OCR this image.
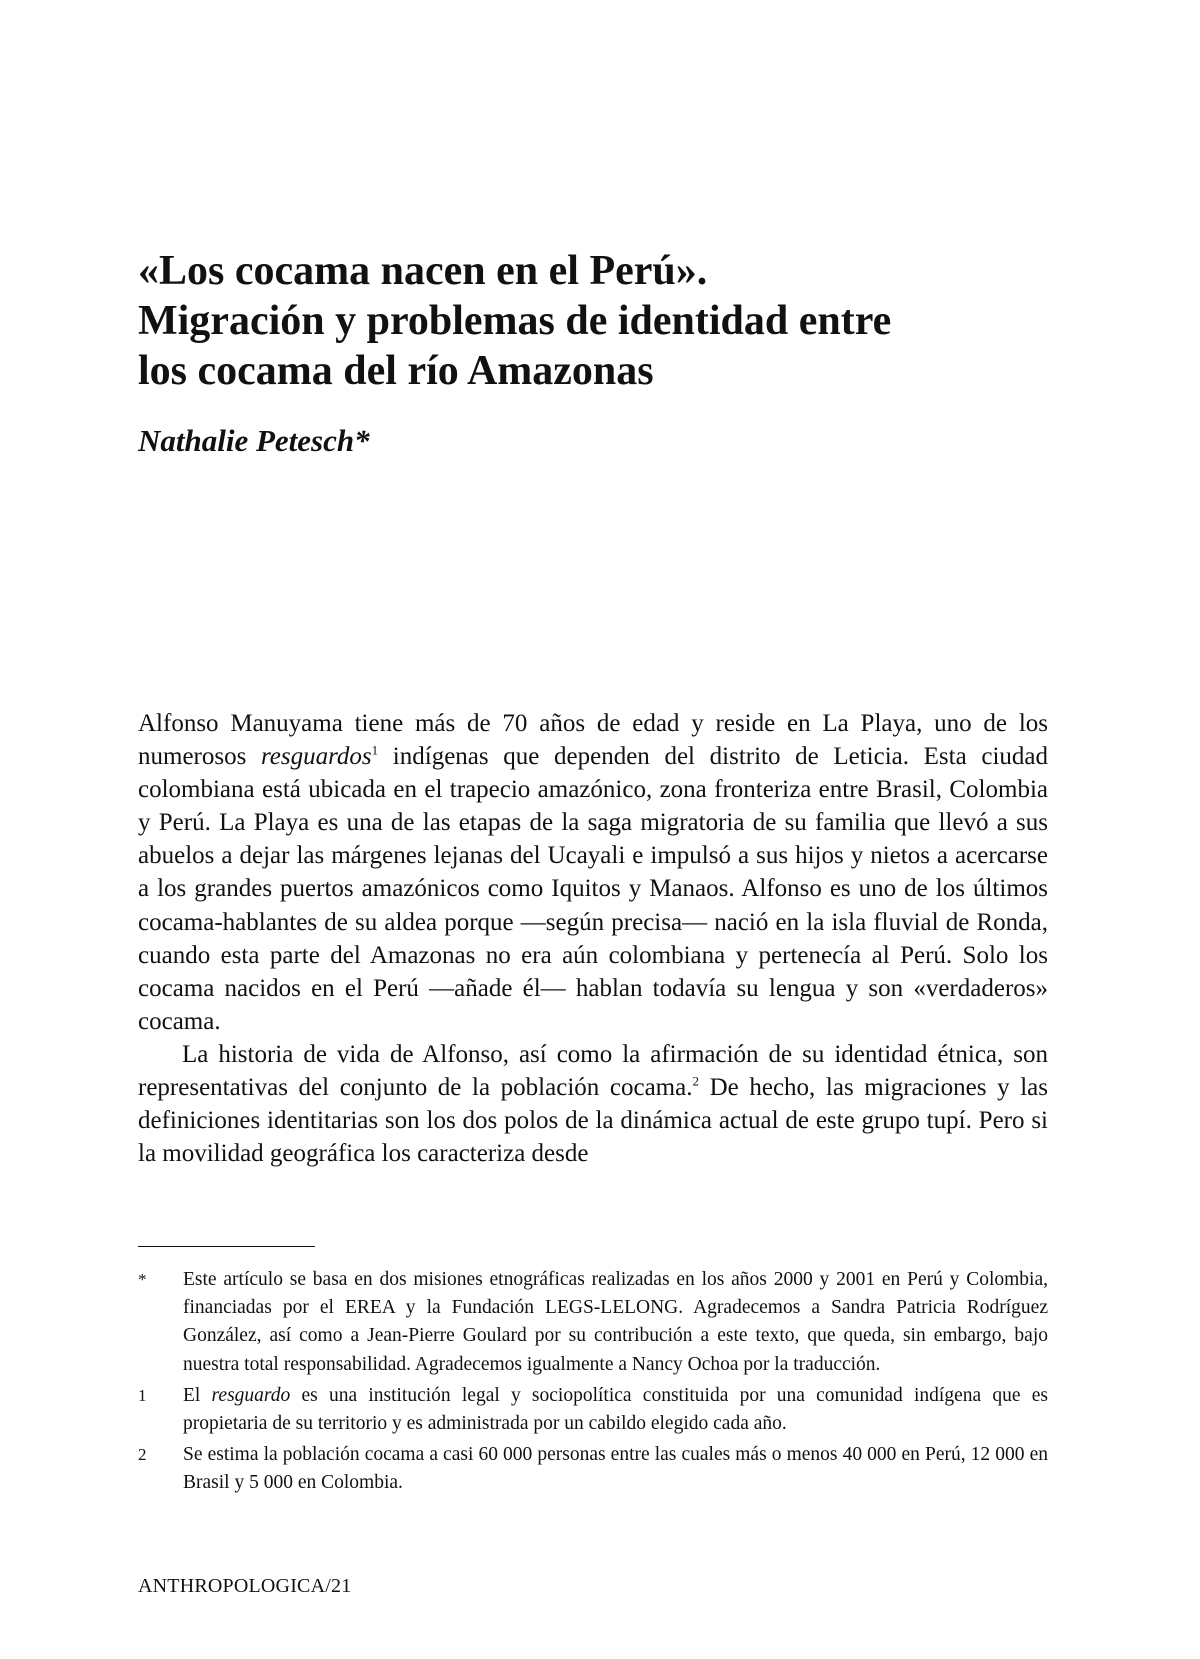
«Los cocama nacen en el Perú».
Migración y problemas de identidad entre
los cocama del río Amazonas
Nathalie Petesch*

Alfonso Manuyama tiene más de 70 años de edad y reside en La Playa, uno de los numerosos resguardos$^1$ indígenas que dependen del distrito de Leticia. Esta ciudad colombiana está ubicada en el trapecio amazónico, zona fronteriza entre Brasil, Colombia y Perú. La Playa es una de las etapas de la saga migratoria de su familia que llevó a sus abuelos a dejar las márgenes lejanas del Ucayali e impulsó a sus hijos y nietos a acercarse a los grandes puertos amazónicos como Iquitos y Manaos. Alfonso es uno de los últimos cocama-hablantes de su aldea porque —según precisa— nació en la isla fluvial de Ronda, cuando esta parte del Amazonas no era aún colombiana y pertenecía al Perú. Solo los cocama nacidos en el Perú —añade él— hablan todavía su lengua y son «verdaderos» cocama.

La historia de vida de Alfonso, así como la afirmación de su identidad étnica, son representativas del conjunto de la población cocama.$^2$ De hecho, las migraciones y las definiciones identitarias son los dos polos de la dinámica actual de este grupo tupí. Pero si la movilidad geográfica los caracteriza desde

* Este artículo se basa en dos misiones etnográficas realizadas en los años 2000 y 2001 en Perú y Colombia, financiadas por el EREA y la Fundación LEGS-LELONG. Agradecemos a Sandra Patricia Rodríguez González, así como a Jean-Pierre Goulard por su contribución a este texto, que queda, sin embargo, bajo nuestra total responsabilidad. Agradecemos igualmente a Nancy Ochoa por la traducción.
1 El resguardo es una institución legal y sociopolítica constituida por una comunidad indígena que es propietaria de su territorio y es administrada por un cabildo elegido cada año.
2 Se estima la población cocama a casi 60 000 personas entre las cuales más o menos 40 000 en Perú, 12 000 en Brasil y 5 000 en Colombia.
ANTHROPOLOGICA/21
